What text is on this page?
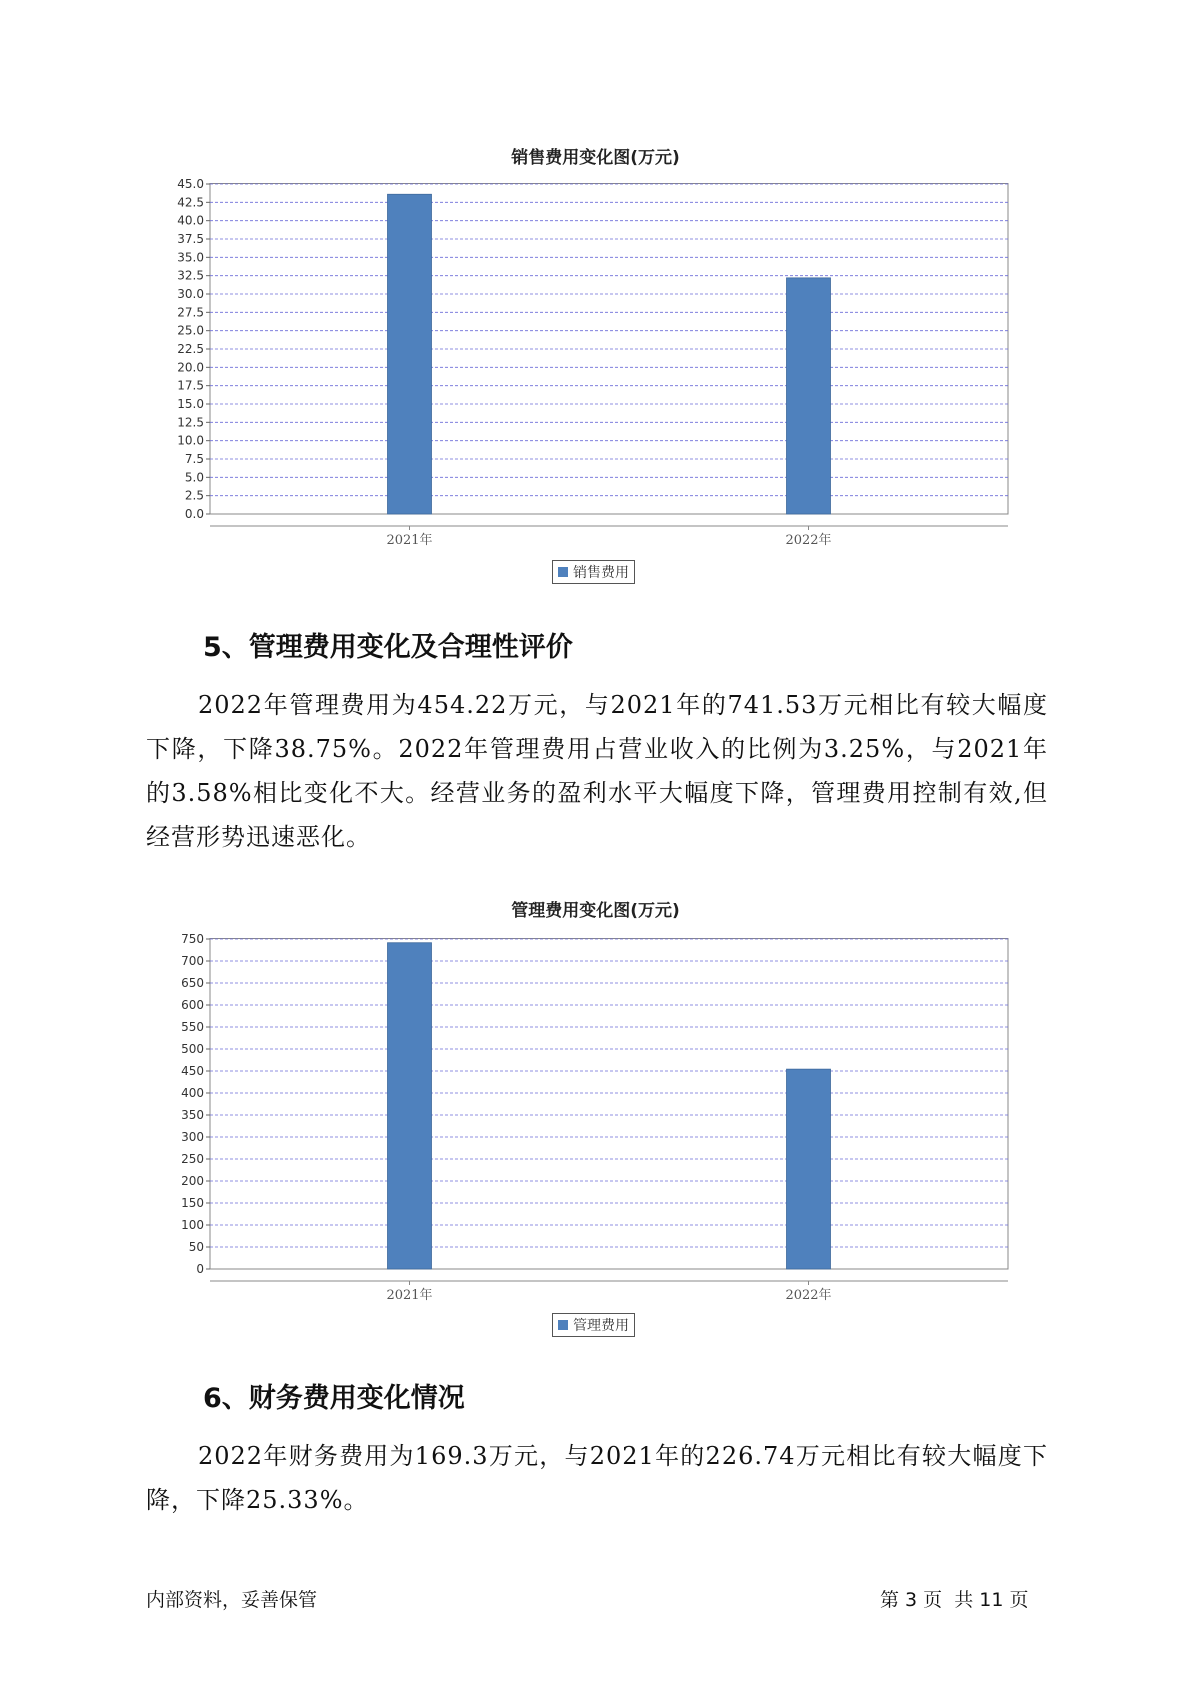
销售费用变化图(万元)
0.0
2.5
5.0
7.5
10.0
12.5
15.0
17.5
20.0
22.5
25.0
27.5
30.0
32.5
35.0
37.5
40.0
42.5
45.0
2021年	2022年
销售费用
5、管理费用变化及合理性评价

2022年管理费用为454.22万元，与2021年的741.53万元相比有较大幅度下降，下降38.75%。2022年管理费用占营业收入的比例为3.25%，与2021年的3.58%相比变化不大。经营业务的盈利水平大幅度下降，管理费用控制有效,但经营形势迅速恶化。

管理费用变化图(万元)
0
50
100
150
200
250
300
350
400
450
500
550
600
650
700
750
2021年	2022年
管理费用
6、财务费用变化情况

2022年财务费用为169.3万元，与2021年的226.74万元相比有较大幅度下降，下降25.33%。

内部资料，妥善保管	第 3 页  共 11 页
